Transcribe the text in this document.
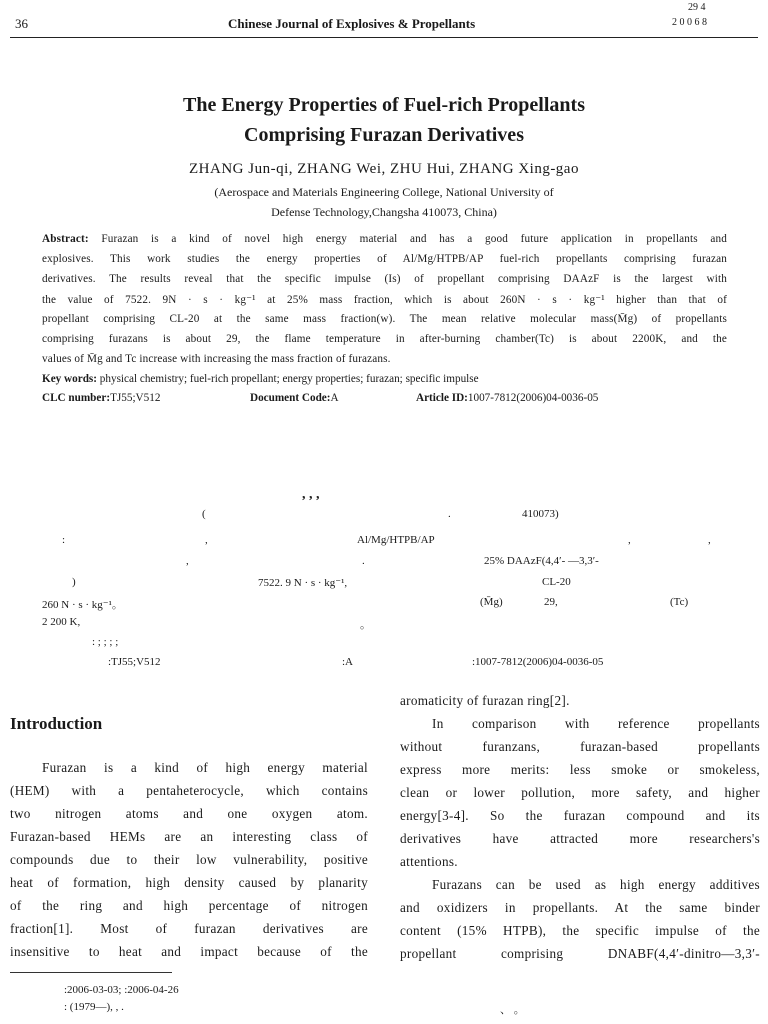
36	Chinese Journal of Explosives & Propellants
29 4
2 0 0 6 8
The Energy Properties of Fuel-rich Propellants
Comprising Furazan Derivatives
ZHANG Jun-qi, ZHANG Wei, ZHU Hui, ZHANG Xing-gao
(Aerospace and Materials Engineering College, National University of
Defense Technology,Changsha 410073, China)
Abstract: Furazan is a kind of novel high energy material and has a good future application in propellants and
explosives. This work studies the energy properties of Al/Mg/HTPB/AP fuel-rich propellants comprising furazan
derivatives. The results reveal that the specific impulse (Is) of propellant comprising DAAzF is the largest with
the value of 7522. 9N · s · kg⁻¹ at 25% mass fraction, which is about 260N · s · kg⁻¹ higher than that of
propellant comprising CL-20 at the same mass fraction(w). The mean relative molecular mass(M̄g) of propellants
comprising furazans is about 29, the flame temperature in after-burning chamber(Tc) is about 2200K, and the
values of M̄g and Tc increase with increasing the mass fraction of furazans.
Key words: physical chemistry; fuel-rich propellant; energy properties; furazan; specific impulse
CLC number:TJ55;V512	Document Code:A	Article ID:1007-7812(2006)04-0036-05
, , ,
(	.	410073)
:	,	Al/Mg/HTPB/AP	,	,
,	.	25% DAAzF(4,4′- —3,3′-
)	7522. 9 N · s · kg⁻¹,	CL-20
260 N · s · kg⁻¹。	(M̄g)	29,	(Tc)
2 200 K,	。
: ; ; ; ;
:TJ55;V512	:A	:1007-7812(2006)04-0036-05
Introduction
Furazan is a kind of high energy material
(HEM) with a pentaheterocycle, which contains
two nitrogen atoms and one oxygen atom.
Furazan-based HEMs are an interesting class of
compounds due to their low vulnerability, positive
heat of formation, high density caused by planarity
of the ring and high percentage of nitrogen
fraction[1]. Most of furazan derivatives are
insensitive to heat and impact because of the
aromaticity of furazan ring[2].
In comparison with reference propellants
without furanzans, furazan-based propellants
express more merits: less smoke or smokeless,
clean or lower pollution, more safety, and higher
energy[3-4]. So the furazan compound and its
derivatives have attracted more researchers's
attentions.
Furazans can be used as high energy additives
and oxidizers in propellants. At the same binder
content (15% HTPB), the specific impulse of the
propellant comprising DNABF(4,4′-dinitro—3,3′-
:2006-03-03; :2006-04-26
: (1979—), , .	、 。
